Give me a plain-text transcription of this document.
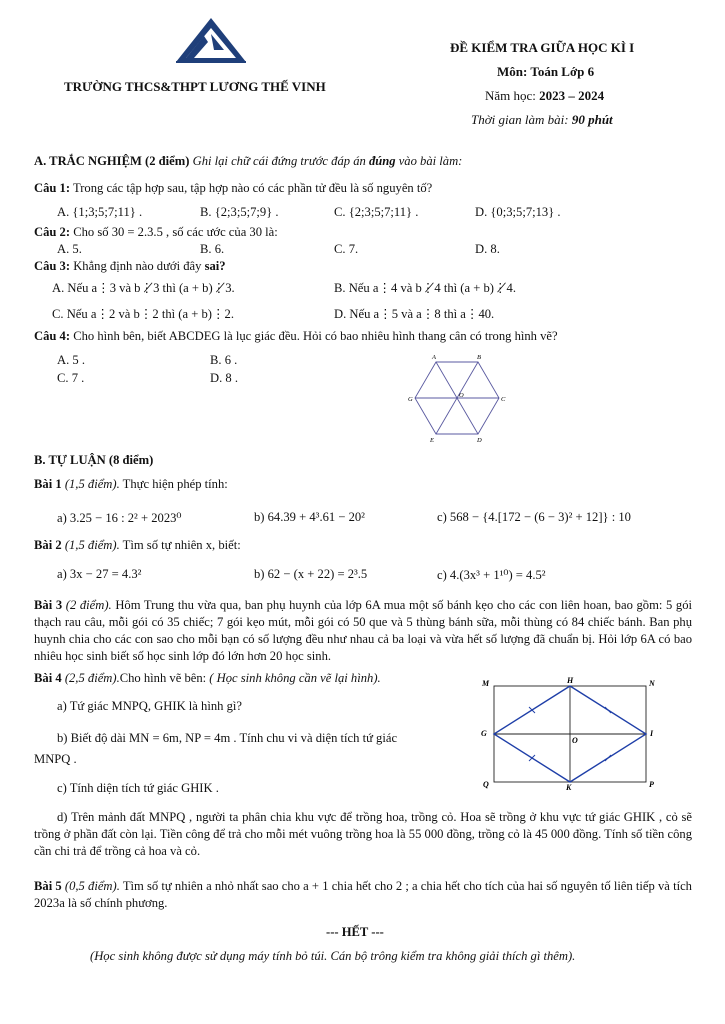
TRƯỜNG THCS&THPT LƯƠNG THẾ VINH
ĐỀ KIỂM TRA GIỮA HỌC KÌ I
Môn: Toán Lớp 6
Năm học: 2023 – 2024
Thời gian làm bài: 90 phút
A. TRẮC NGHIỆM (2 điểm) Ghi lại chữ cái đứng trước đáp án đúng vào bài làm:
Câu 1: Trong các tập hợp sau, tập hợp nào có các phần tử đều là số nguyên tố?
A. {1;3;5;7;11} .	B. {2;3;5;7;9} .	C. {2;3;5;7;11} .	D. {0;3;5;7;13} .
Câu 2: Cho số 30 = 2.3.5 , số các ước của 30 là:
A. 5.	B. 6.	C. 7.	D. 8.
Câu 3: Khẳng định nào dưới đây sai?
A. Nếu a⋮3 và b⋮̸3 thì (a + b)⋮̸3.	B. Nếu a⋮4 và b⋮̸4 thì (a + b)⋮̸4.
C. Nếu a⋮2 và b⋮2 thì (a + b)⋮2.	D. Nếu a⋮5 và a⋮8 thì a⋮40.
Câu 4: Cho hình bên, biết ABCDEG là lục giác đều. Hỏi có bao nhiêu hình thang cân có trong hình vẽ?
A. 5 .	B. 6 .
C. 7 .	D. 8 .
A	B
C
D
E
G
O
B. TỰ LUẬN (8 điểm)
Bài 1 (1,5 điểm). Thực hiện phép tính:
a) 3.25 − 16 : 2² + 2023⁰	b) 64.39 + 4³.61 − 20²	c) 568 − {4.[172 − (6 − 3)² + 12]} : 10
Bài 2 (1,5 điểm). Tìm số tự nhiên x, biết:
a) 3x − 27 = 4.3²	b) 62 − (x + 22) = 2³.5	c) 4.(3x³ + 1¹⁰) = 4.5²
Bài 3 (2 điểm). Hôm Trung thu vừa qua, ban phụ huynh của lớp 6A mua một số bánh kẹo cho các con liên hoan, bao gồm: 5 gói thạch rau câu, mỗi gói có 35 chiếc; 7 gói kẹo mút, mỗi gói có 50 que và 5 thùng bánh sữa, mỗi thùng có 84 chiếc bánh. Ban phụ huynh chia cho các con sao cho mỗi bạn có số lượng đều như nhau cả ba loại và vừa hết số lượng đã chuẩn bị. Hỏi lớp 6A có bao nhiêu học sinh biết số học sinh lớp đó lớn hơn 20 học sinh.
Bài 4 (2,5 điểm).Cho hình vẽ bên: ( Học sinh không cần vẽ lại hình).
a) Tứ giác MNPQ, GHIK là hình gì?
b) Biết độ dài MN = 6m, NP = 4m . Tính chu vi và diện tích tứ giác
MNPQ .
c) Tính diện tích tứ giác GHIK .
d) Trên mảnh đất MNPQ , người ta phân chia khu vực để trồng hoa, trồng cỏ. Hoa sẽ trồng ở khu vực tứ giác GHIK , cỏ sẽ trồng ở phần đất còn lại. Tiền công để trả cho mỗi mét vuông trồng hoa là 55 000 đồng, trồng cỏ là 45 000 đồng. Tính số tiền công cần chi trả để trồng cả hoa và cỏ.
M	H	N
G
O
I
Q	K	P
Bài 5 (0,5 điểm). Tìm số tự nhiên a nhỏ nhất sao cho a + 1 chia hết cho 2 ; a chia hết cho tích của hai số nguyên tố liên tiếp và tích 2023a là số chính phương.
--- HẾT ---
(Học sinh không được sử dụng máy tính bỏ túi. Cán bộ trông kiểm tra không giải thích gì thêm).
